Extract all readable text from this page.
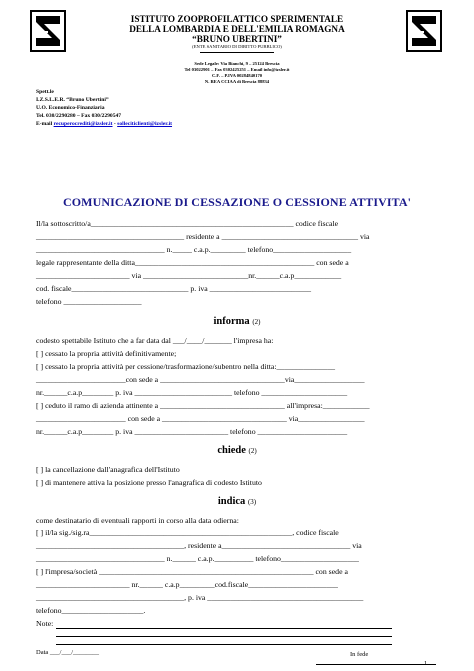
ISTITUTO ZOOPROFILATTICO SPERIMENTALE
DELLA LOMBARDIA E DELL'EMILIA ROMAGNA
“BRUNO UBERTINI”
(ENTE SANITARIO DI DIRITTO PUBBLICO)
Sede Legale: Via Bianchi, 9 – 25124 Brescia
Tel 03022901 – Fax 0302425251 – Email info@izsler.it
C.F. – P.IVA 00284840170
N. REA CCIAA di Brescia 88834
Spett.le
I.Z.S.L.E.R. “Bruno Ubertini”
U.O. Economico-Finanziaria
Tel. 030/2290280 – Fax 030/2290547
E-mail recuperocrediti@izsler.it - solleciticlienti@izsler.it
COMUNICAZIONE DI CESSAZIONE O CESSIONE ATTIVITA'
Il/la sottoscritto/a____________________________________________________ codice fiscale
______________________________________ residente a ___________________________________ via
_________________________________ n._____ c.a.p._________ telefono____________________
legale rappresentante della ditta______________________________________________ con sede a
________________________ via ___________________________nr.______c.a.p____________
cod. fiscale______________________________ p. iva __________________________
telefono ____________________
informa (2)
codesto spettabile Istituto che a far data dal ___/____/_______ l'impresa ha:
[ ] cessato la propria attività definitivamente;
[ ] cessato la propria attività per cessione/trasformazione/subentro nella ditta:_______________
_______________________con sede a ________________________________via__________________
nr.______c.a.p________ p. iva _________________________ telefono ______________________
[ ] ceduto il ramo di azienda attinente a ________________________________ all'impresa:____________
_______________________ con sede a ________________________________ via_________________
nr.______c.a.p________ p. iva ________________________ telefono _______________________
chiede (2)
[ ] la cancellazione dall'anagrafica dell'Istituto
[ ] di mantenere attiva la posizione presso l'anagrafica di codesto Istituto
indica (3)
come destinatario di eventuali rapporti in corso alla data odierna:
[ ] il/la sig./sig.ra____________________________________________________, codice fiscale
______________________________________, residente a_________________________________ via
_________________________________ n.______ c.a.p.__________ telefono____________________
[ ] l'impresa/società _______________________________________________________ con sede a
________________________ nr.______ c.a.p_________cod.fiscale_______________________
______________________________________, p. iva ________________________________________
telefono_____________________.
Note:
Data ___/___/________	In fede
1
